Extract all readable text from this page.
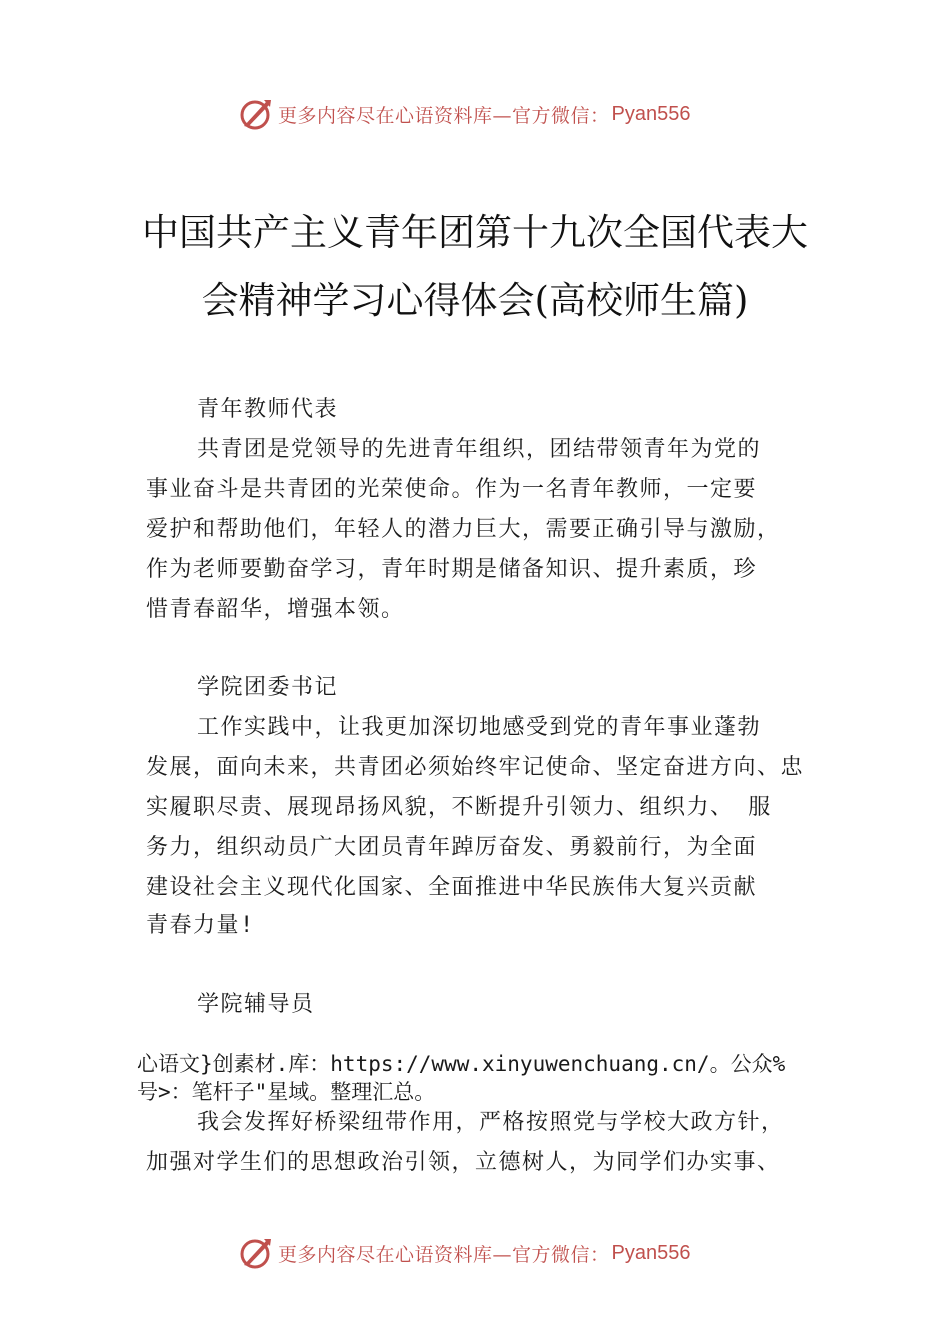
更多内容尽在心语资料库—官方微信： Pyan556
中国共产主义青年团第十九次全国代表大
会精神学习心得体会(高校师生篇)
青年教师代表
共青团是党领导的先进青年组织，团结带领青年为党的
事业奋斗是共青团的光荣使命。作为一名青年教师，一定要
爱护和帮助他们，年轻人的潜力巨大，需要正确引导与激励，
作为老师要勤奋学习，青年时期是储备知识、提升素质，珍
惜青春韶华，增强本领。
学院团委书记
工作实践中，让我更加深切地感受到党的青年事业蓬勃
发展，面向未来，共青团必须始终牢记使命、坚定奋进方向、忠
实履职尽责、展现昂扬风貌，不断提升引领力、组织力、 服
务力，组织动员广大团员青年踔厉奋发、勇毅前行，为全面
建设社会主义现代化国家、全面推进中华民族伟大复兴贡献
青春力量!
学院辅导员
心语文}创素材.库：https://www.xinyuwenchuang.cn/。公众%
号>：笔杆子"星域。整理汇总。
我会发挥好桥梁纽带作用，严格按照党与学校大政方针，
加强对学生们的思想政治引领，立德树人，为同学们办实事、
更多内容尽在心语资料库—官方微信： Pyan556
